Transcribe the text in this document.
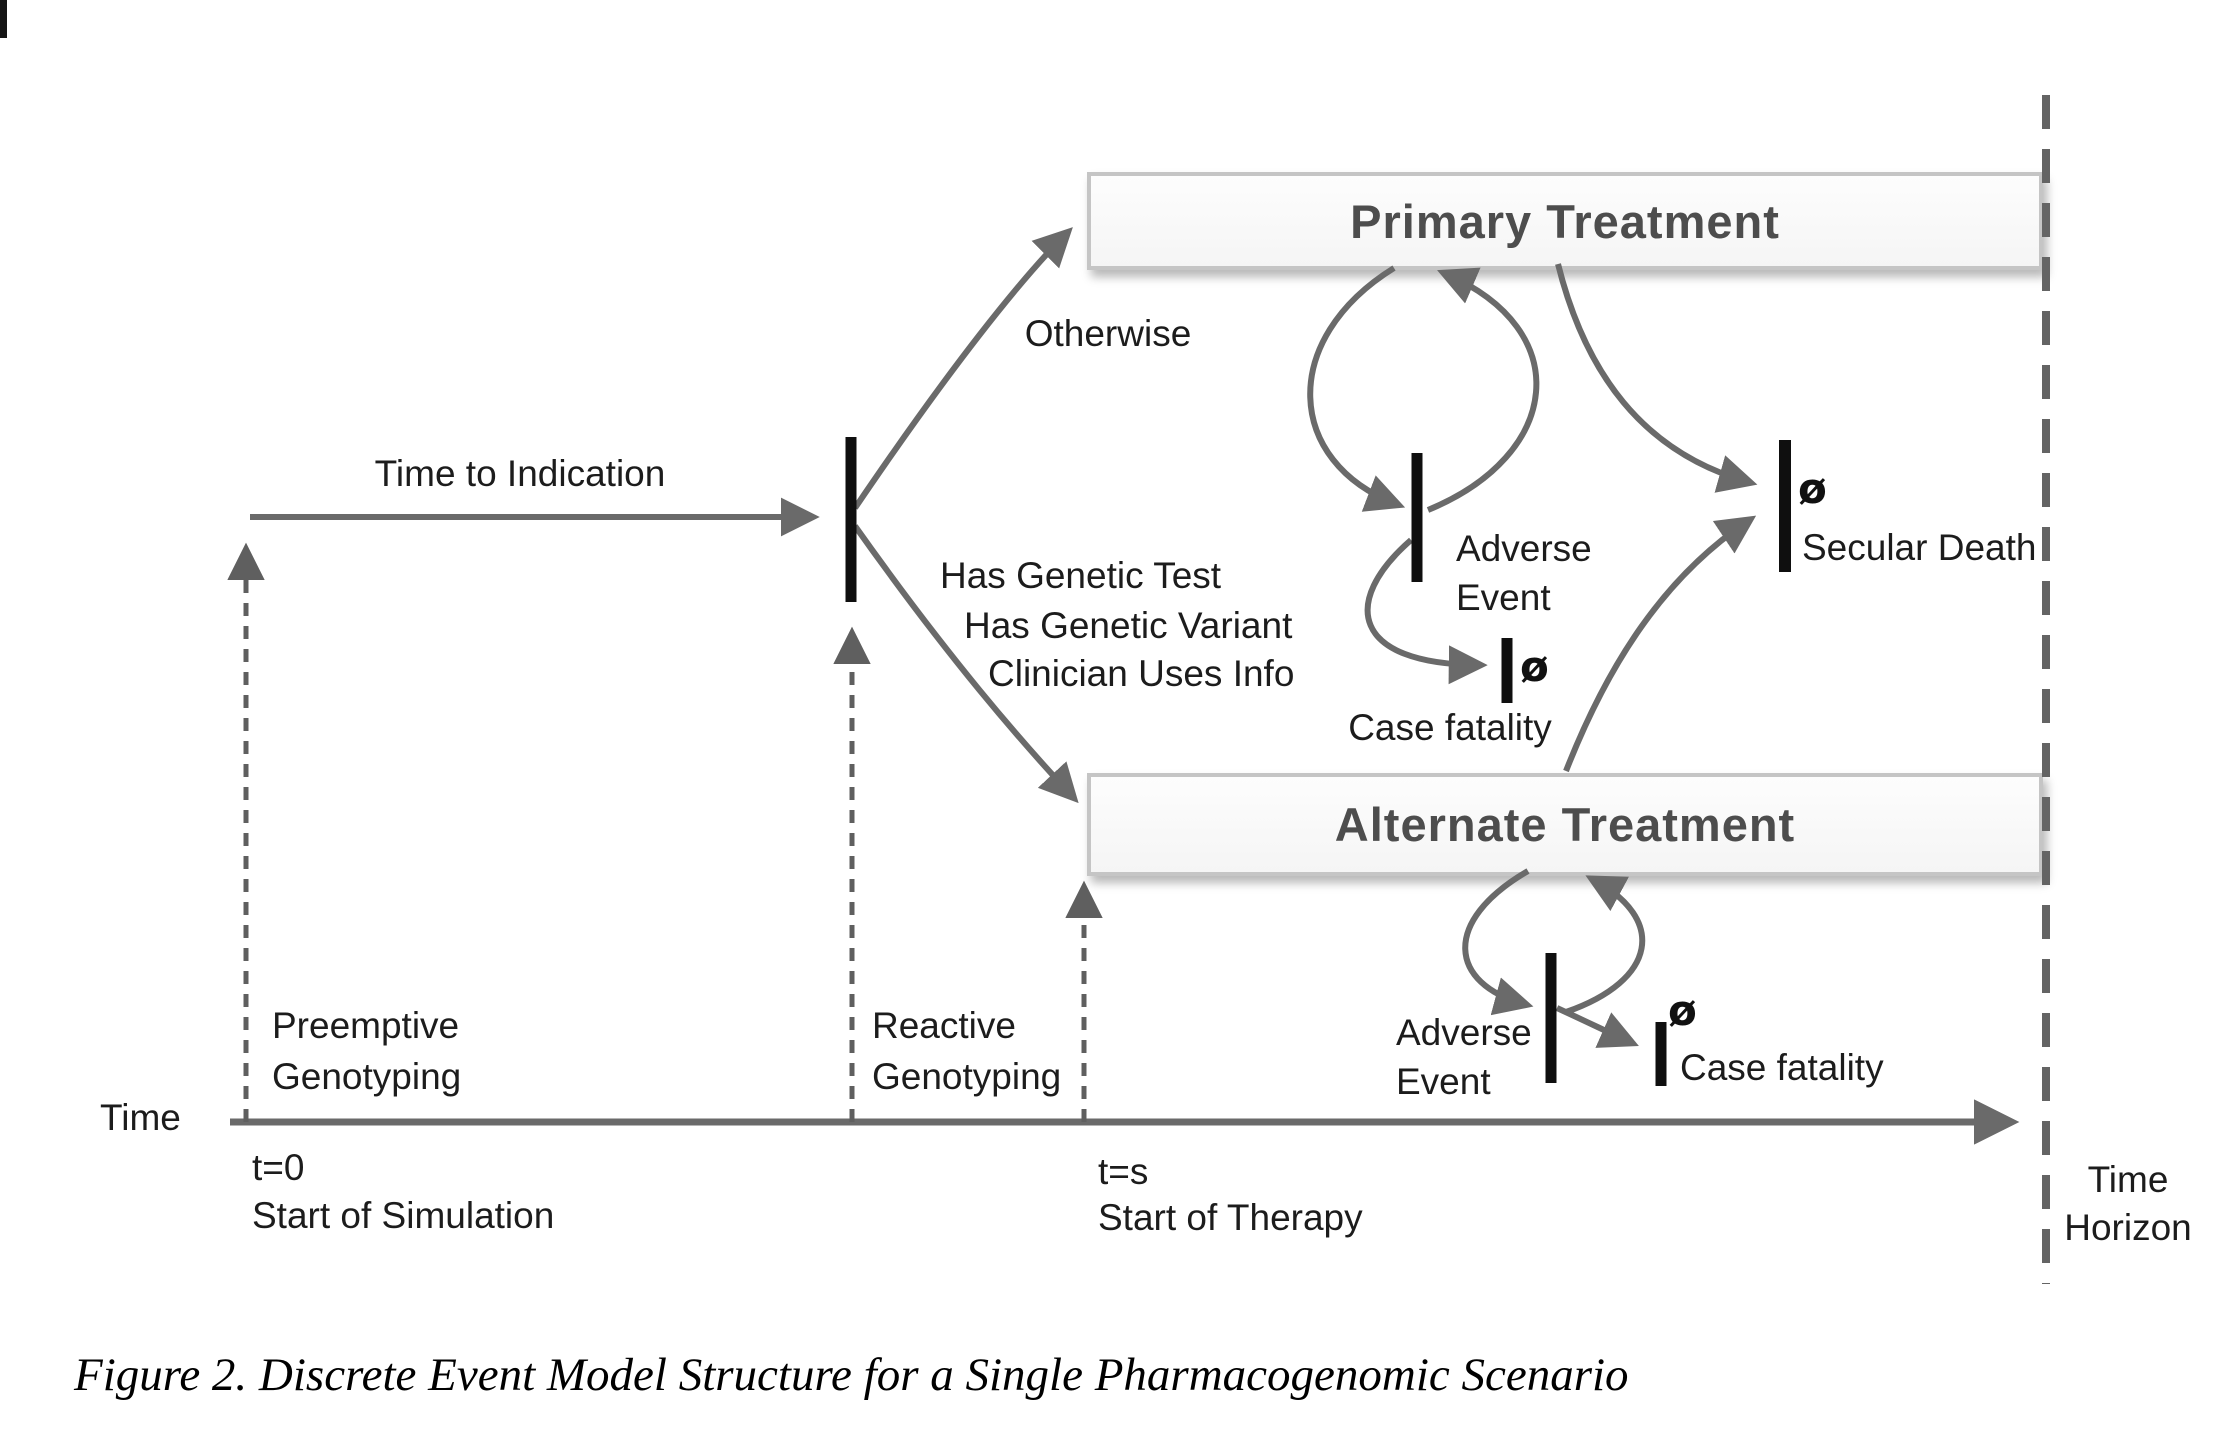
Primary Treatment
Alternate Treatment
Time to Indication
Otherwise
Has Genetic Test
Has Genetic Variant
Clinician Uses Info
Adverse
Event
ø
Case fatality
ø
Secular Death
Adverse
Event
ø
Case fatality
Preemptive
Genotyping
Reactive
Genotyping
Time
t=0
Start of Simulation
t=s
Start of Therapy
Time
Horizon
Figure 2. Discrete Event Model Structure for a Single Pharmacogenomic Scenario
